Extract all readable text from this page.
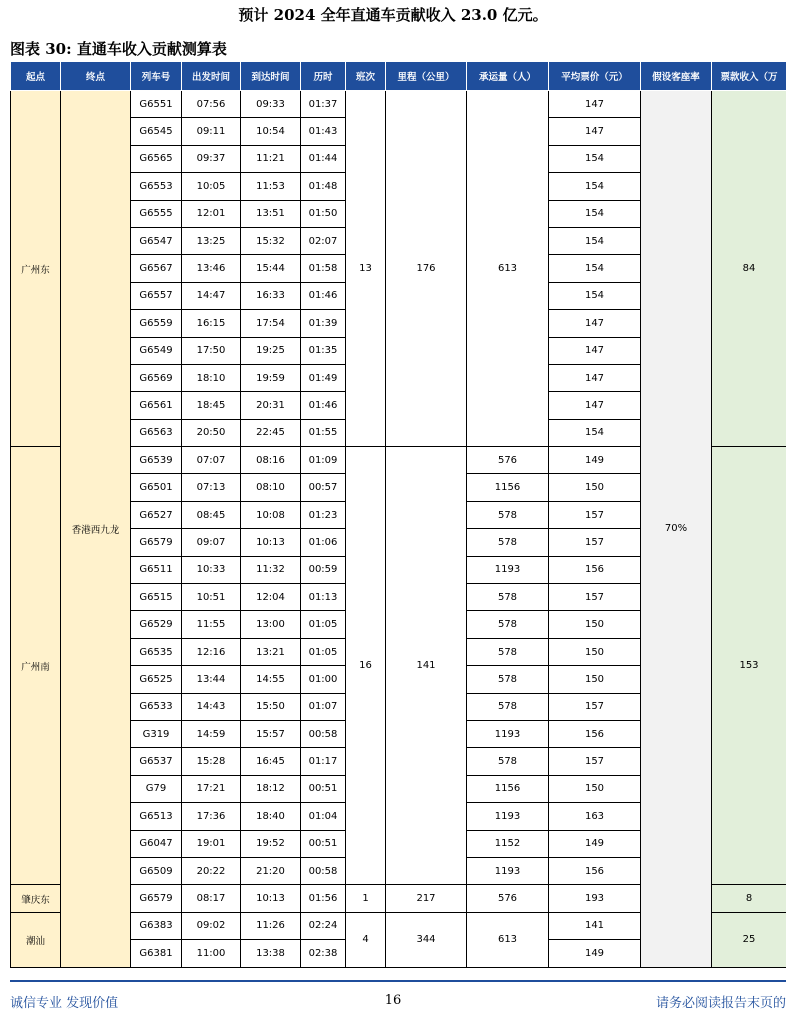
预计 2024 全年直通车贡献收入 23.0 亿元。
图表 30: 直通车收入贡献测算表
起点	终点	列车号	出发时间	到达时间	历时	班次	里程（公里）	承运量（人）	平均票价（元）	假设客座率	票款收入（万
广州东	香港西九龙	G6551	07:56	09:33	01:37	13	176	613	147	70%	84
		G6545	09:11	10:54	01:43				147		
		G6565	09:37	11:21	01:44				154		
		G6553	10:05	11:53	01:48				154		
		G6555	12:01	13:51	01:50				154		
		G6547	13:25	15:32	02:07				154		
		G6567	13:46	15:44	01:58				154		
		G6557	14:47	16:33	01:46				154		
		G6559	16:15	17:54	01:39				147		
		G6549	17:50	19:25	01:35				147		
		G6569	18:10	19:59	01:49				147		
		G6561	18:45	20:31	01:46				147		
		G6563	20:50	22:45	01:55				154		
广州南		G6539	07:07	08:16	01:09	16	141	576	149		153
		G6501	07:13	08:10	00:57			1156	150		
		G6527	08:45	10:08	01:23			578	157		
		G6579	09:07	10:13	01:06			578	157		
		G6511	10:33	11:32	00:59			1193	156		
		G6515	10:51	12:04	01:13			578	157		
		G6529	11:55	13:00	01:05			578	150		
		G6535	12:16	13:21	01:05			578	150		
		G6525	13:44	14:55	01:00			578	150		
		G6533	14:43	15:50	01:07			578	157		
		G319	14:59	15:57	00:58			1193	156		
		G6537	15:28	16:45	01:17			578	157		
		G79	17:21	18:12	00:51			1156	150		
		G6513	17:36	18:40	01:04			1193	163		
		G6047	19:01	19:52	00:51			1152	149		
		G6509	20:22	21:20	00:58			1193	156		
肇庆东		G6579	08:17	10:13	01:56	1	217	576	193		8
潮汕		G6383	09:02	11:26	02:24	4	344	613	141		25
		G6381	11:00	13:38	02:38				149		
诚信专业 发现价值	16	请务必阅读报告末页的
